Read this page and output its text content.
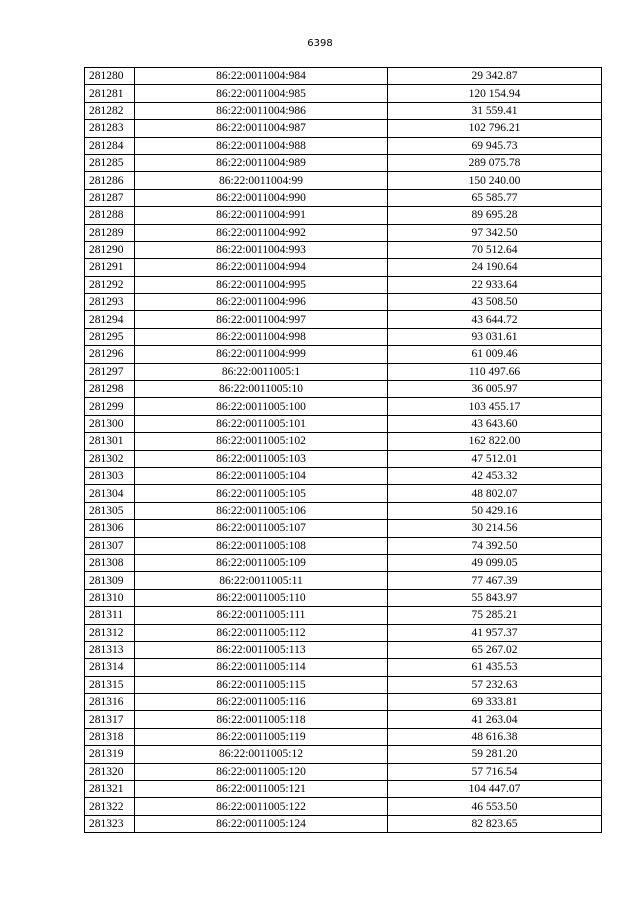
6398
281280	86:22:0011004:984	29 342.87
281281	86:22:0011004:985	120 154.94
281282	86:22:0011004:986	31 559.41
281283	86:22:0011004:987	102 796.21
281284	86:22:0011004:988	69 945.73
281285	86:22:0011004:989	289 075.78
281286	86:22:0011004:99	150 240.00
281287	86:22:0011004:990	65 585.77
281288	86:22:0011004:991	89 695.28
281289	86:22:0011004:992	97 342.50
281290	86:22:0011004:993	70 512.64
281291	86:22:0011004:994	24 190.64
281292	86:22:0011004:995	22 933.64
281293	86:22:0011004:996	43 508.50
281294	86:22:0011004:997	43 644.72
281295	86:22:0011004:998	93 031.61
281296	86:22:0011004:999	61 009.46
281297	86:22:0011005:1	110 497.66
281298	86:22:0011005:10	36 005.97
281299	86:22:0011005:100	103 455.17
281300	86:22:0011005:101	43 643.60
281301	86:22:0011005:102	162 822.00
281302	86:22:0011005:103	47 512.01
281303	86:22:0011005:104	42 453.32
281304	86:22:0011005:105	48 802.07
281305	86:22:0011005:106	50 429.16
281306	86:22:0011005:107	30 214.56
281307	86:22:0011005:108	74 392.50
281308	86:22:0011005:109	49 099.05
281309	86:22:0011005:11	77 467.39
281310	86:22:0011005:110	55 843.97
281311	86:22:0011005:111	75 285.21
281312	86:22:0011005:112	41 957.37
281313	86:22:0011005:113	65 267.02
281314	86:22:0011005:114	61 435.53
281315	86:22:0011005:115	57 232.63
281316	86:22:0011005:116	69 333.81
281317	86:22:0011005:118	41 263.04
281318	86:22:0011005:119	48 616.38
281319	86:22:0011005:12	59 281.20
281320	86:22:0011005:120	57 716.54
281321	86:22:0011005:121	104 447.07
281322	86:22:0011005:122	46 553.50
281323	86:22:0011005:124	82 823.65
